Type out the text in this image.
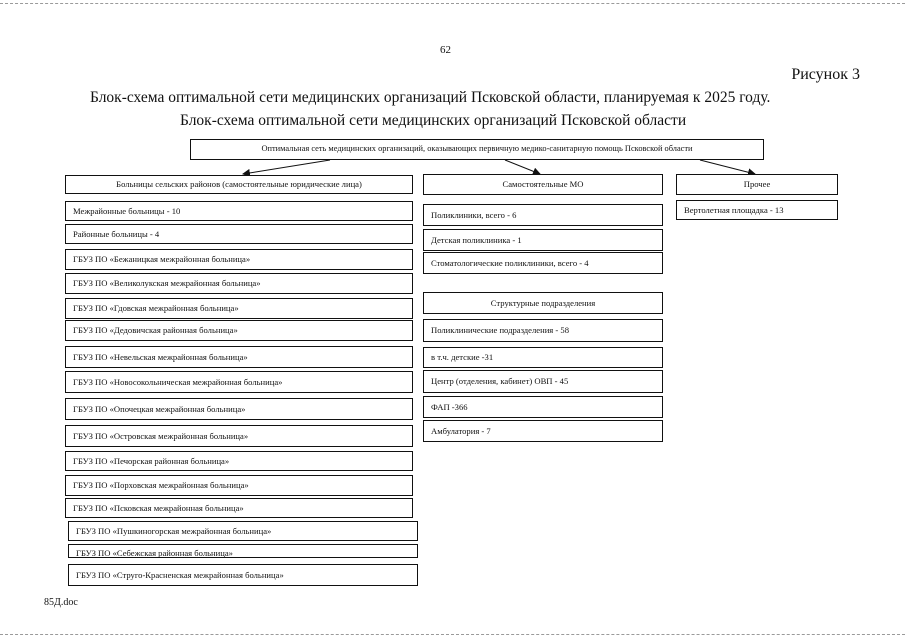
62
Рисунок 3
Блок-схема оптимальной сети медицинских организаций Псковской области, планируемая к 2025 году.
Блок-схема оптимальной сети медицинских организаций Псковской области
Оптимальная сеть медицинских организаций, оказывающих первичную медико-санитарную помощь Псковской области
Больницы сельских районов (самостоятельные юридические лица)	Самостоятельные МО	Прочее
Межрайонные больницы - 10
Районные больницы - 4
ГБУЗ ПО «Бежаницкая межрайонная больница»
ГБУЗ ПО «Великолукская межрайонная больница»
ГБУЗ ПО «Гдовская межрайонная больница»
ГБУЗ ПО «Дедовичская районная больница»
ГБУЗ ПО «Невельская межрайонная больница»
ГБУЗ ПО «Новосокольническая межрайонная больница»
ГБУЗ ПО «Опочецкая межрайонная больница»
ГБУЗ ПО «Островская межрайонная больница»
ГБУЗ ПО «Печорская районная больница»
ГБУЗ ПО «Порховская межрайонная больница»
ГБУЗ ПО «Псковская межрайонная больница»
ГБУЗ ПО «Пушкиногорская межрайонная больница»
ГБУЗ ПО «Себежская районная больница»
ГБУЗ ПО «Струго-Красненская межрайонная больница»
Поликлиники, всего - 6
Детская поликлиника - 1
Стоматологические поликлиники, всего - 4
Структурные подразделения
Поликлинические подразделения - 58
в т.ч. детские -31
Центр (отделения, кабинет) ОВП - 45
ФАП -366
Амбулатория - 7
Вертолетная площадка - 13
85Д.doc
